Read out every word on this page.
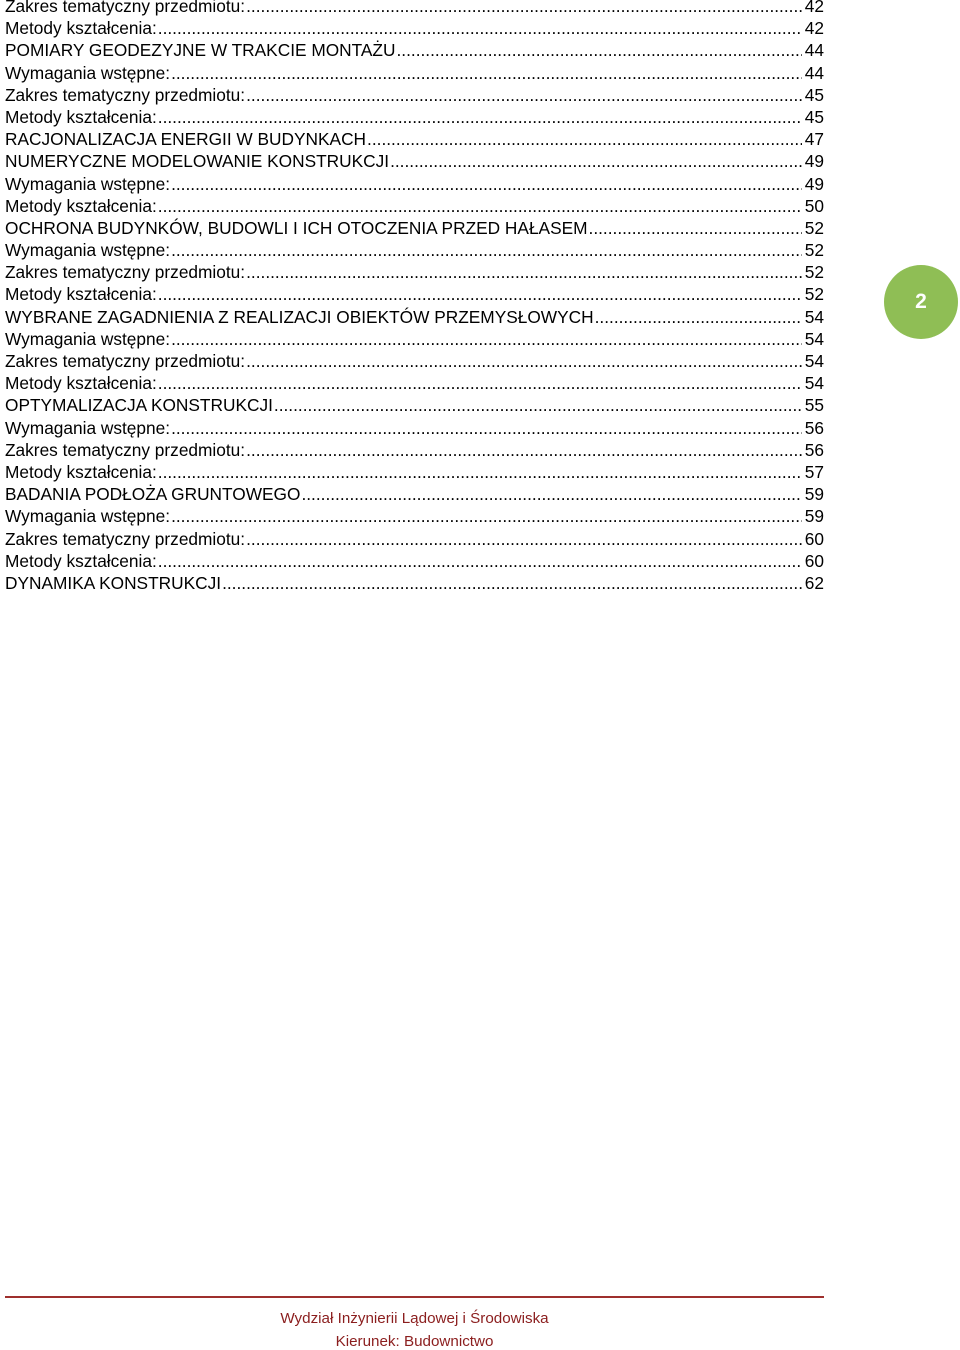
Zakres tematyczny przedmiotu: .....	42
Metody kształcenia: .....	42
POMIARY GEODEZYJNE W TRAKCIE MONTAŻU .....	44
Wymagania wstępne: .....	44
Zakres tematyczny przedmiotu: .....	45
Metody kształcenia: .....	45
RACJONALIZACJA ENERGII W BUDYNKACH .....	47
NUMERYCZNE MODELOWANIE KONSTRUKCJI .....	49
Wymagania wstępne: .....	49
Metody kształcenia: .....	50
OCHRONA BUDYNKÓW, BUDOWLI I ICH OTOCZENIA PRZED HAŁASEM .....	52
Wymagania wstępne: .....	52
Zakres tematyczny przedmiotu: .....	52
Metody kształcenia: .....	52
WYBRANE ZAGADNIENIA Z REALIZACJI OBIEKTÓW PRZEMYSŁOWYCH .....	54
Wymagania wstępne: .....	54
Zakres tematyczny przedmiotu: .....	54
Metody kształcenia: .....	54
OPTYMALIZACJA KONSTRUKCJI .....	55
Wymagania wstępne: .....	56
Zakres tematyczny przedmiotu: .....	56
Metody kształcenia: .....	57
BADANIA PODŁOŻA GRUNTOWEGO .....	59
Wymagania wstępne: .....	59
Zakres tematyczny przedmiotu: .....	60
Metody kształcenia: .....	60
DYNAMIKA KONSTRUKCJI .....	62
2
Wydział Inżynierii Lądowej i Środowiska
Kierunek: Budownictwo
